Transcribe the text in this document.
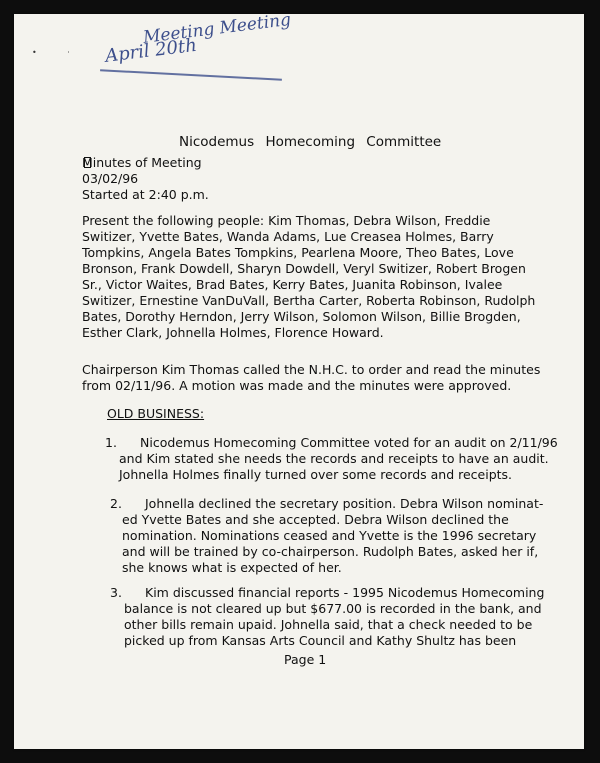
• ·
Meeting Meeting
April 20th
Nicodemus Homecoming Committee
Minutes of Meeting
03/02/96
Started at 2:40 p.m.
Present the following people: Kim Thomas, Debra Wilson, Freddie
Switizer, Yvette Bates, Wanda Adams, Lue Creasea Holmes, Barry
Tompkins, Angela Bates Tompkins, Pearlena Moore, Theo Bates, Love
Bronson, Frank Dowdell, Sharyn Dowdell, Veryl Switizer, Robert Brogen
Sr., Victor Waites, Brad Bates, Kerry Bates, Juanita Robinson, Ivalee
Switizer, Ernestine VanDuVall, Bertha Carter, Roberta Robinson, Rudolph
Bates, Dorothy Herndon, Jerry Wilson, Solomon Wilson, Billie Brogden,
Esther Clark, Johnella Holmes, Florence Howard.
Chairperson Kim Thomas called the N.H.C. to order and read the minutes
from 02/11/96. A motion was made and the minutes were approved.
OLD BUSINESS:
1. Nicodemus Homecoming Committee voted for an audit on 2/11/96
and Kim stated she needs the records and receipts to have an audit.
Johnella Holmes finally turned over some records and receipts.
2. Johnella declined the secretary position. Debra Wilson nominat-
ed Yvette Bates and she accepted. Debra Wilson declined the
nomination. Nominations ceased and Yvette is the 1996 secretary
and will be trained by co-chairperson. Rudolph Bates, asked her if,
she knows what is expected of her.
3. Kim discussed financial reports - 1995 Nicodemus Homecoming
balance is not cleared up but $677.00 is recorded in the bank, and
other bills remain upaid. Johnella said, that a check needed to be
picked up from Kansas Arts Council and Kathy Shultz has been
Page 1
